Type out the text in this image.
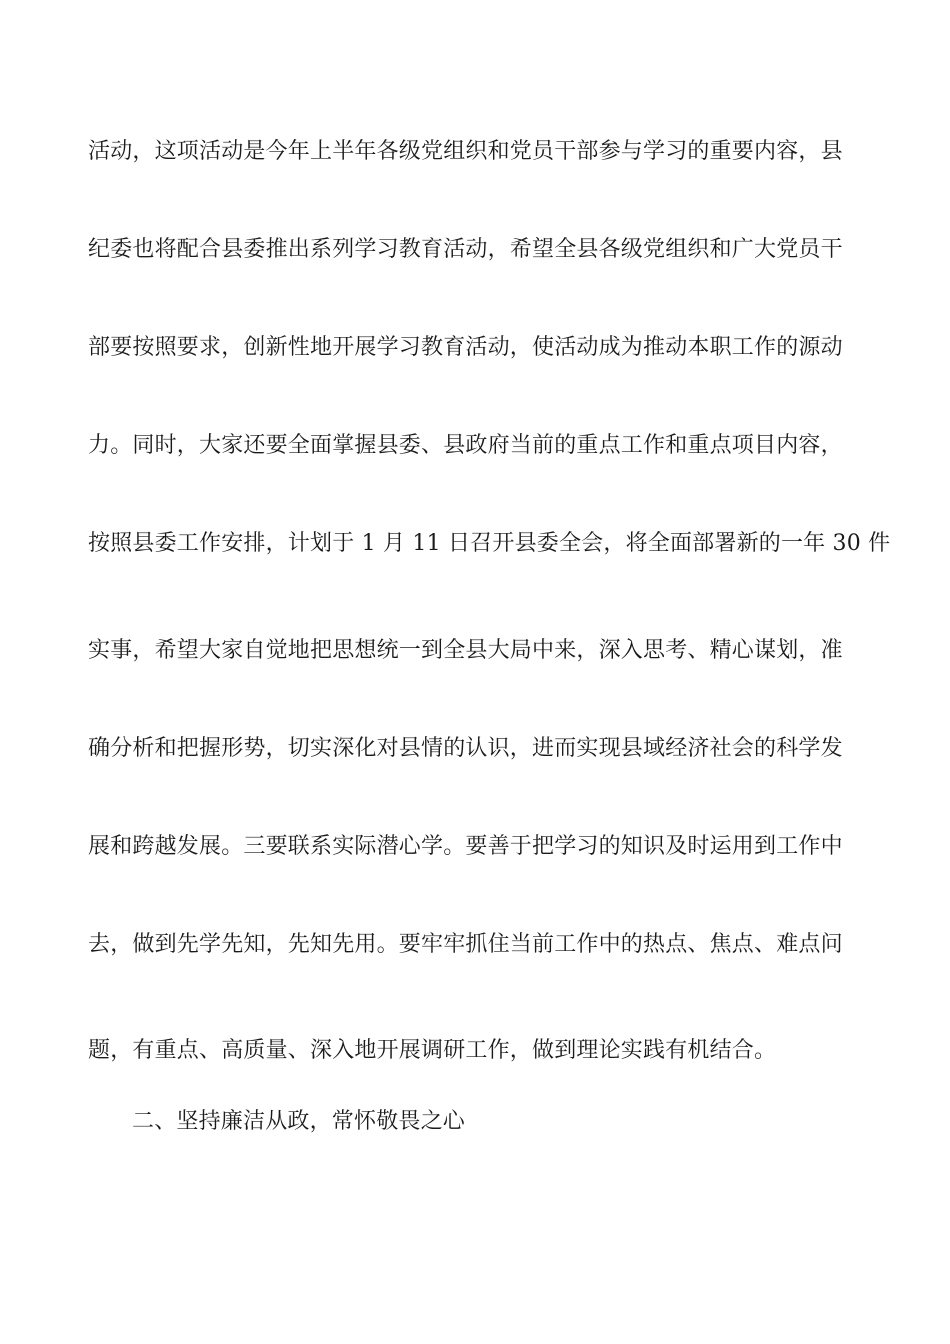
活动，这项活动是今年上半年各级党组织和党员干部参与学习的重要内容，县
纪委也将配合县委推出系列学习教育活动，希望全县各级党组织和广大党员干
部要按照要求，创新性地开展学习教育活动，使活动成为推动本职工作的源动
力。同时，大家还要全面掌握县委、县政府当前的重点工作和重点项目内容，
按照县委工作安排，计划于 1 月 11 日召开县委全会，将全面部署新的一年 30 件
实事，希望大家自觉地把思想统一到全县大局中来，深入思考、精心谋划，准
确分析和把握形势，切实深化对县情的认识，进而实现县域经济社会的科学发
展和跨越发展。三要联系实际潜心学。要善于把学习的知识及时运用到工作中
去，做到先学先知，先知先用。要牢牢抓住当前工作中的热点、焦点、难点问
题，有重点、高质量、深入地开展调研工作，做到理论实践有机结合。
二、坚持廉洁从政，常怀敬畏之心
